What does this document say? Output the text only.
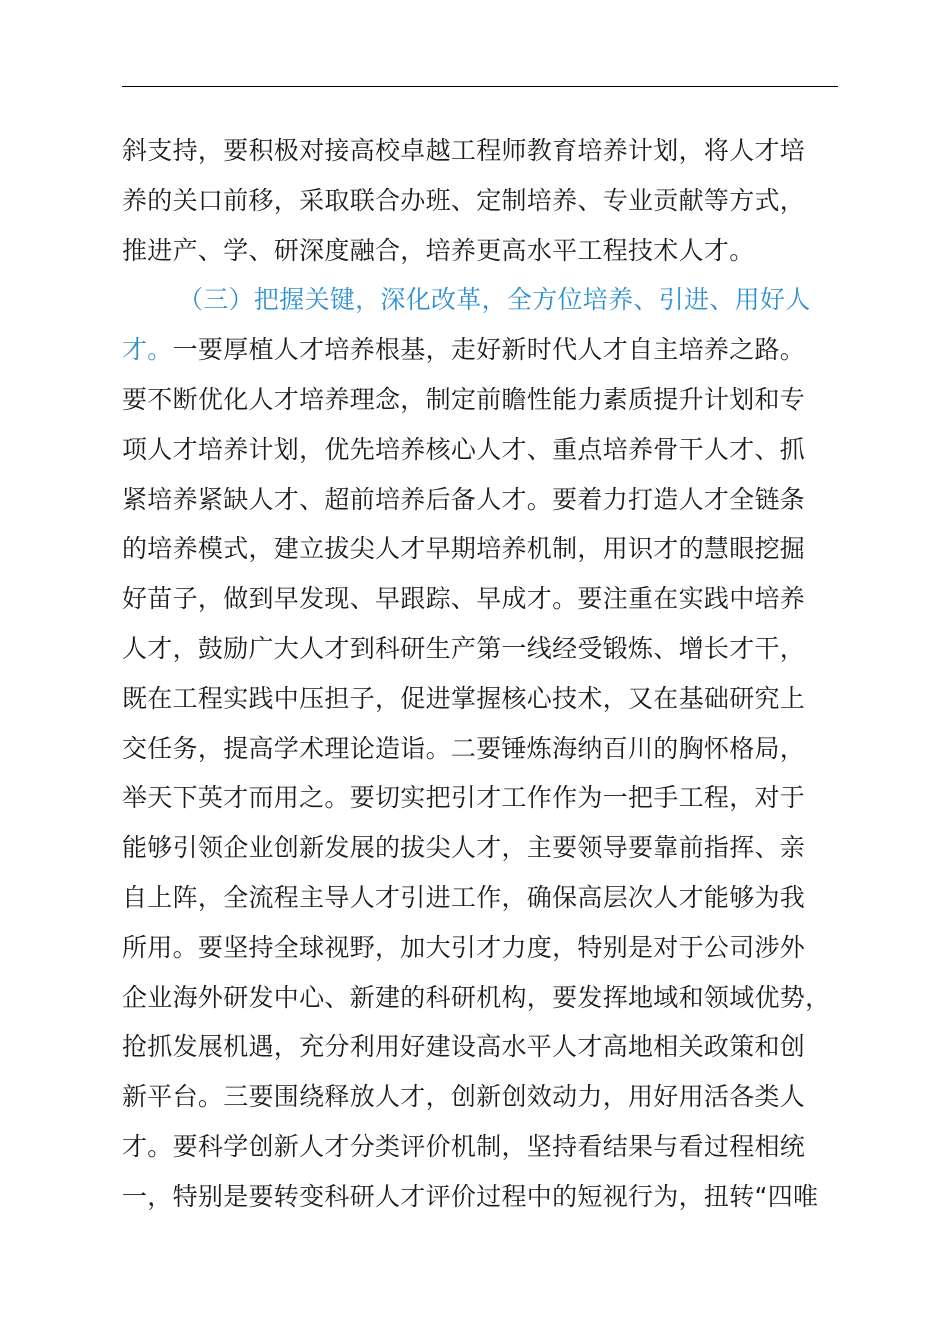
斜支持，要积极对接高校卓越工程师教育培养计划，将人才培
养的关口前移，采取联合办班、定制培养、专业贡献等方式，
推进产、学、研深度融合，培养更高水平工程技术人才。
（三）把握关键，深化改革，全方位培养、引进、用好人
才。一要厚植人才培养根基，走好新时代人才自主培养之路。
要不断优化人才培养理念，制定前瞻性能力素质提升计划和专
项人才培养计划，优先培养核心人才、重点培养骨干人才、抓
紧培养紧缺人才、超前培养后备人才。要着力打造人才全链条
的培养模式，建立拔尖人才早期培养机制，用识才的慧眼挖掘
好苗子，做到早发现、早跟踪、早成才。要注重在实践中培养
人才，鼓励广大人才到科研生产第一线经受锻炼、增长才干，
既在工程实践中压担子，促进掌握核心技术，又在基础研究上
交任务，提高学术理论造诣。二要锤炼海纳百川的胸怀格局，
举天下英才而用之。要切实把引才工作作为一把手工程，对于
能够引领企业创新发展的拔尖人才，主要领导要靠前指挥、亲
自上阵，全流程主导人才引进工作，确保高层次人才能够为我
所用。要坚持全球视野，加大引才力度，特别是对于公司涉外
企业海外研发中心、新建的科研机构，要发挥地域和领域优势，
抢抓发展机遇，充分利用好建设高水平人才高地相关政策和创
新平台。三要围绕释放人才，创新创效动力，用好用活各类人
才。要科学创新人才分类评价机制，坚持看结果与看过程相统
一，特别是要转变科研人才评价过程中的短视行为，扭转“四唯
